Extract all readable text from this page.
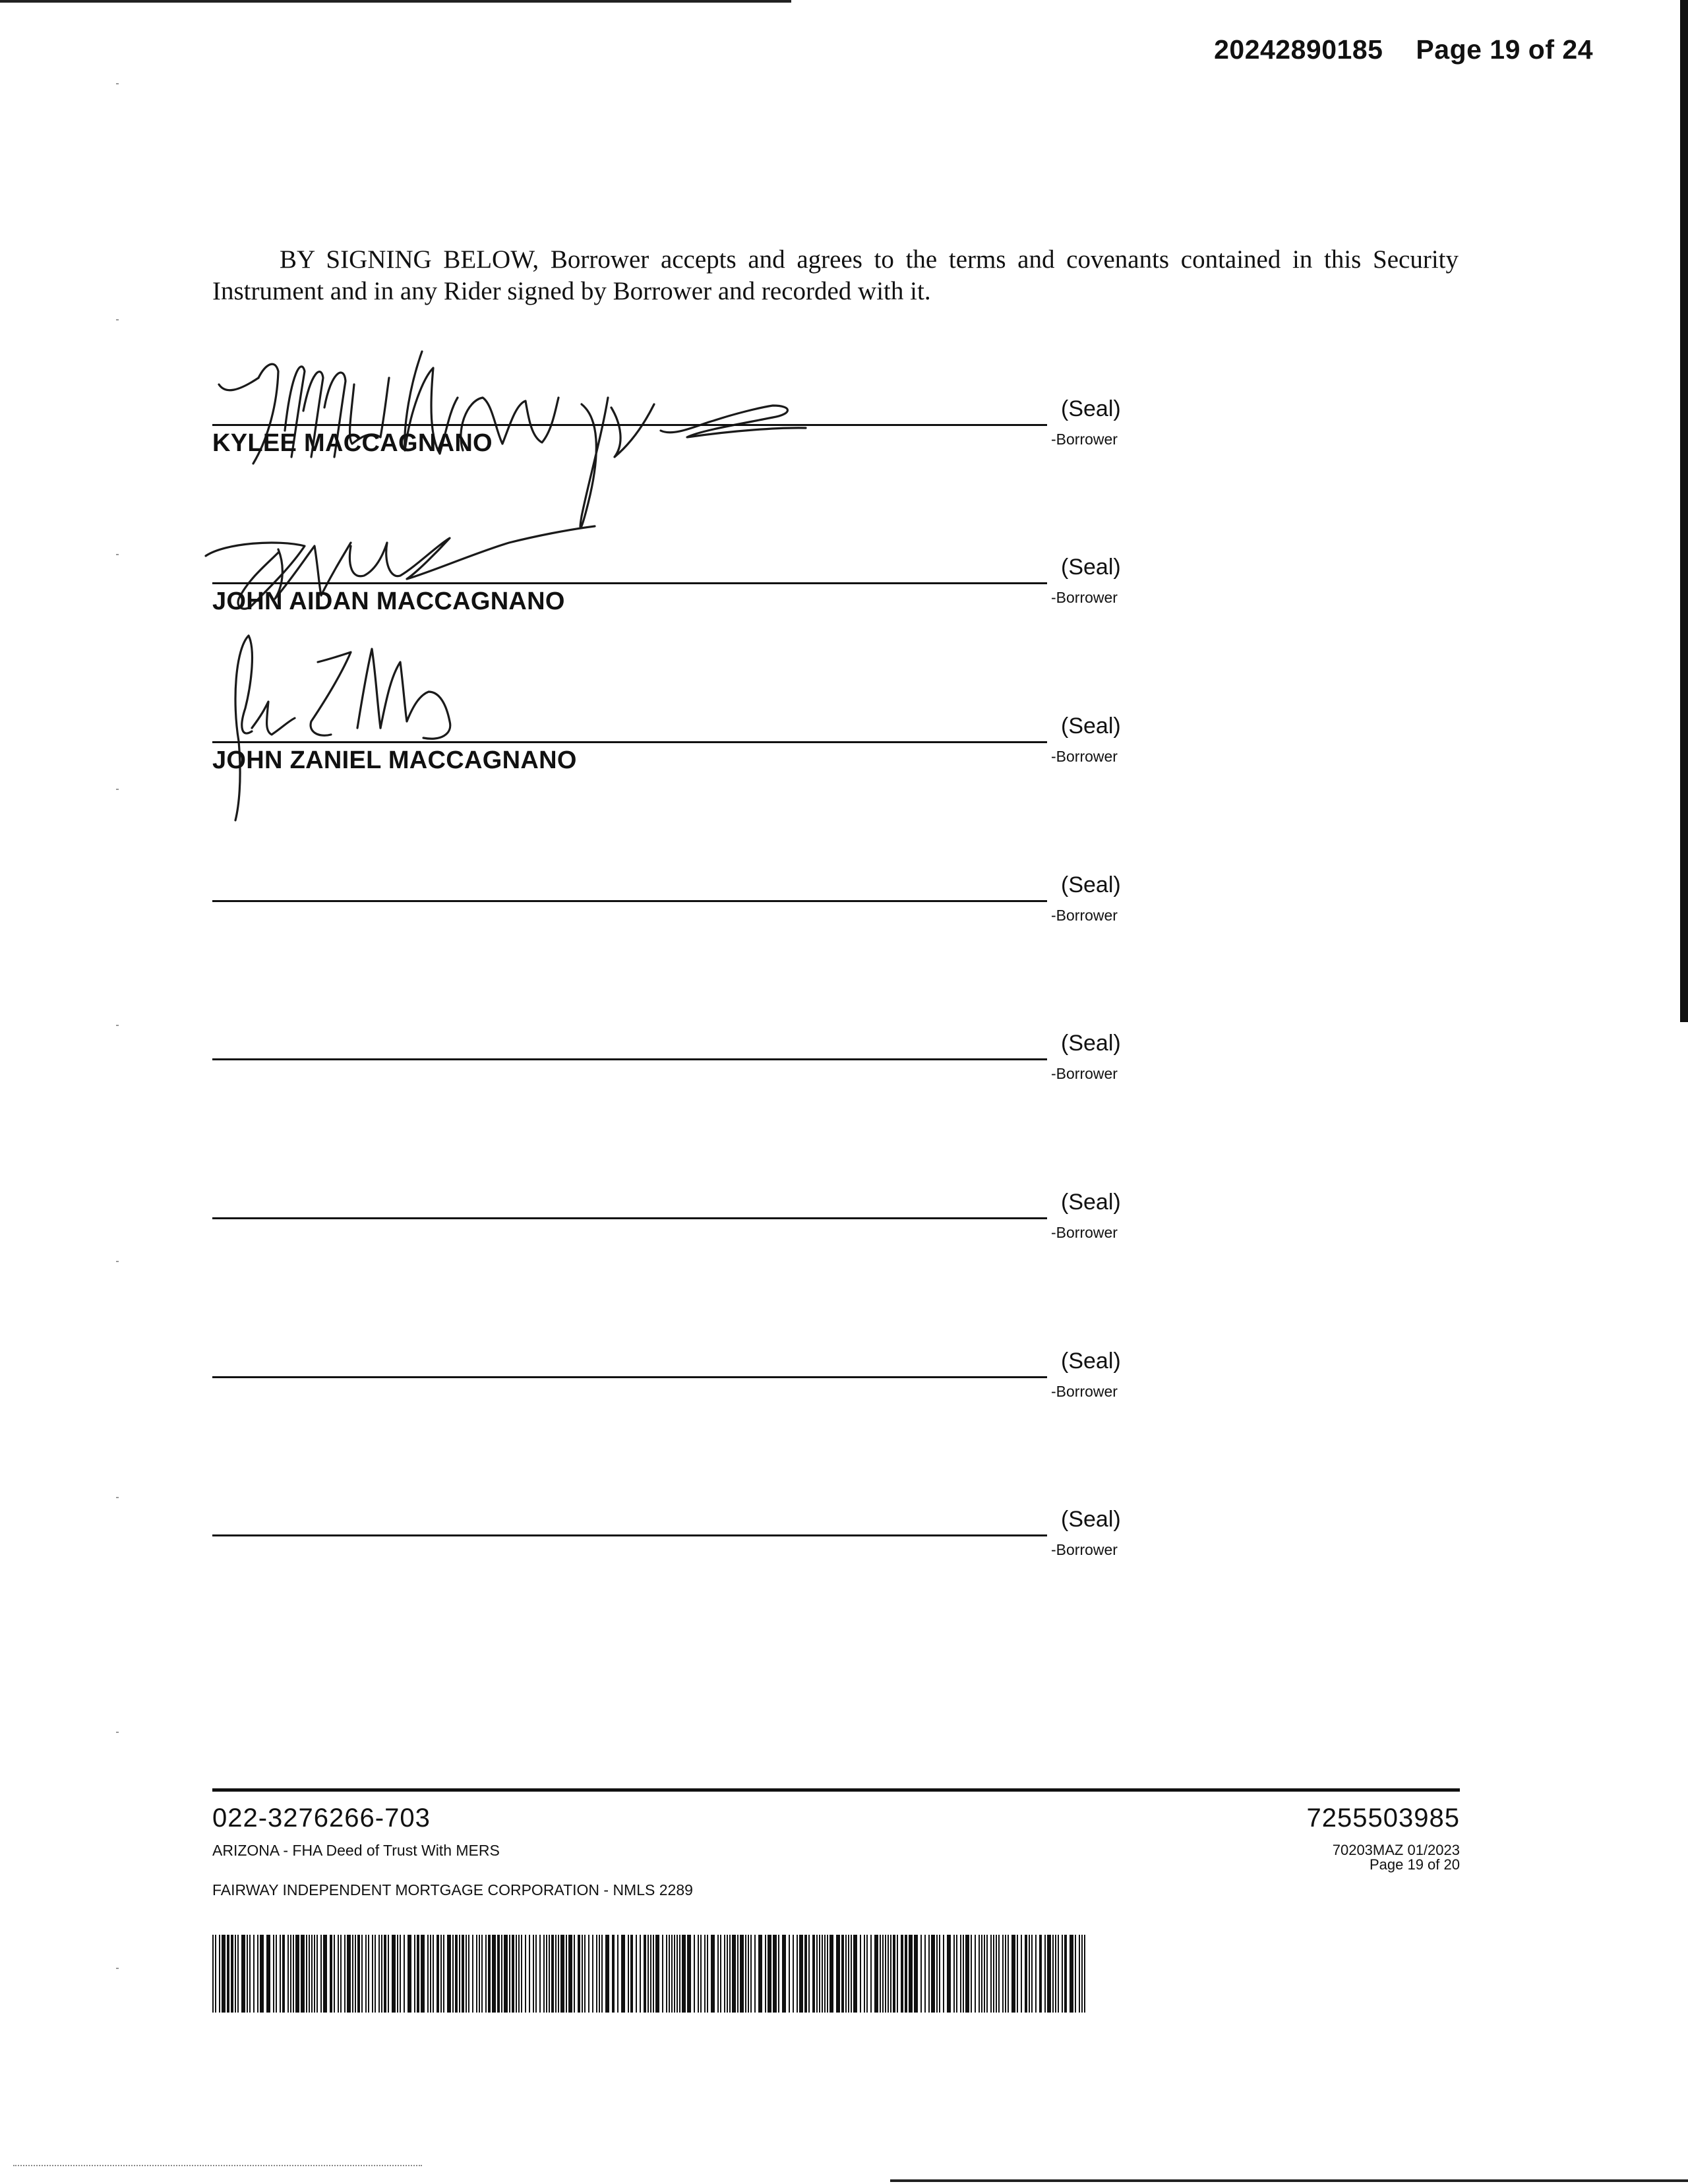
20242890185 Page 19 of 24
BY SIGNING BELOW, Borrower accepts and agrees to the terms and covenants contained in this Security Instrument and in any Rider signed by Borrower and recorded with it.
(Seal)
-Borrower
KYLEE MACCAGNANO
(Seal)
-Borrower
JOHN AIDAN MACCAGNANO
(Seal)
-Borrower
JOHN ZANIEL MACCAGNANO
(Seal)
-Borrower
(Seal)
-Borrower
(Seal)
-Borrower
(Seal)
-Borrower
(Seal)
-Borrower
022-3276266-703	7255503985
ARIZONA - FHA Deed of Trust With MERS	70203MAZ 01/2023
Page 19 of 20
FAIRWAY INDEPENDENT MORTGAGE CORPORATION - NMLS 2289
